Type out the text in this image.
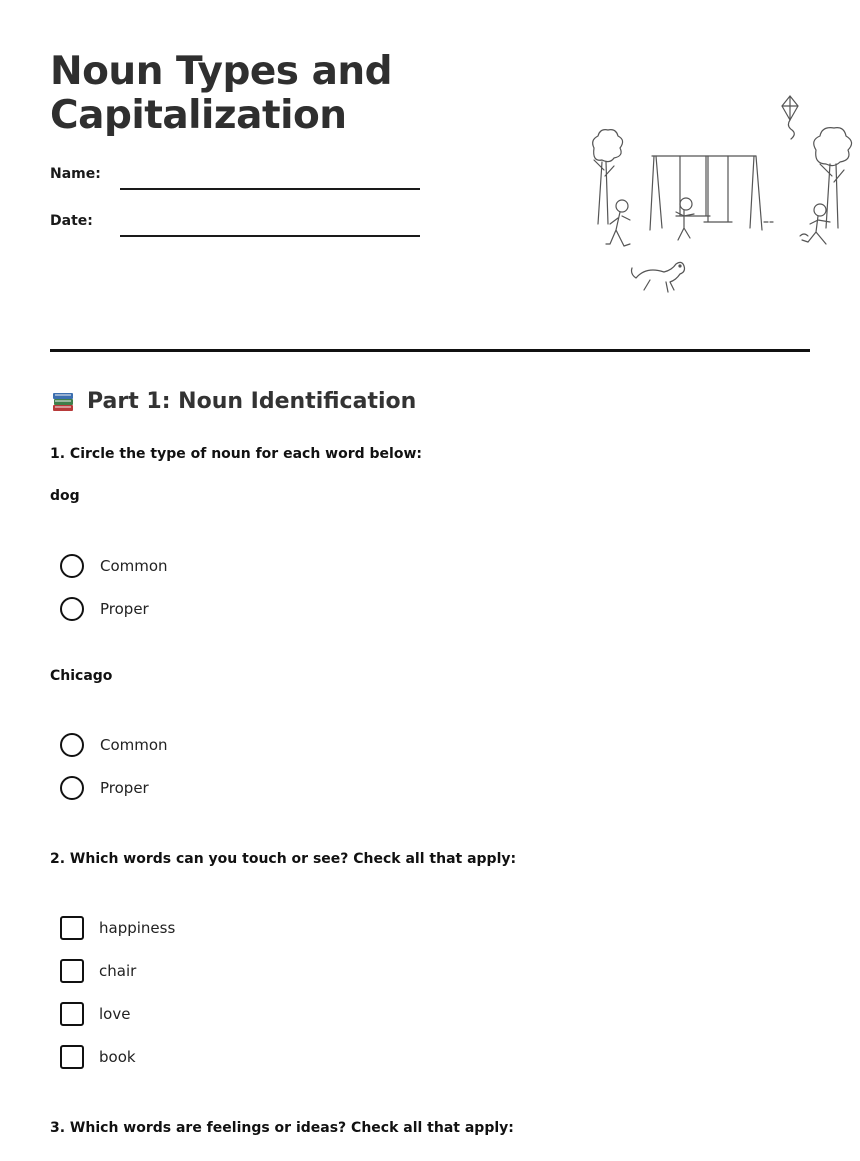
Noun Types and Capitalization
Name:
Date:
Part 1: Noun Identification

1. Circle the type of noun for each word below:

dog

Common
Proper

Chicago

Common
Proper

2. Which words can you touch or see? Check all that apply:

happiness
chair
love
book

3. Which words are feelings or ideas? Check all that apply:
